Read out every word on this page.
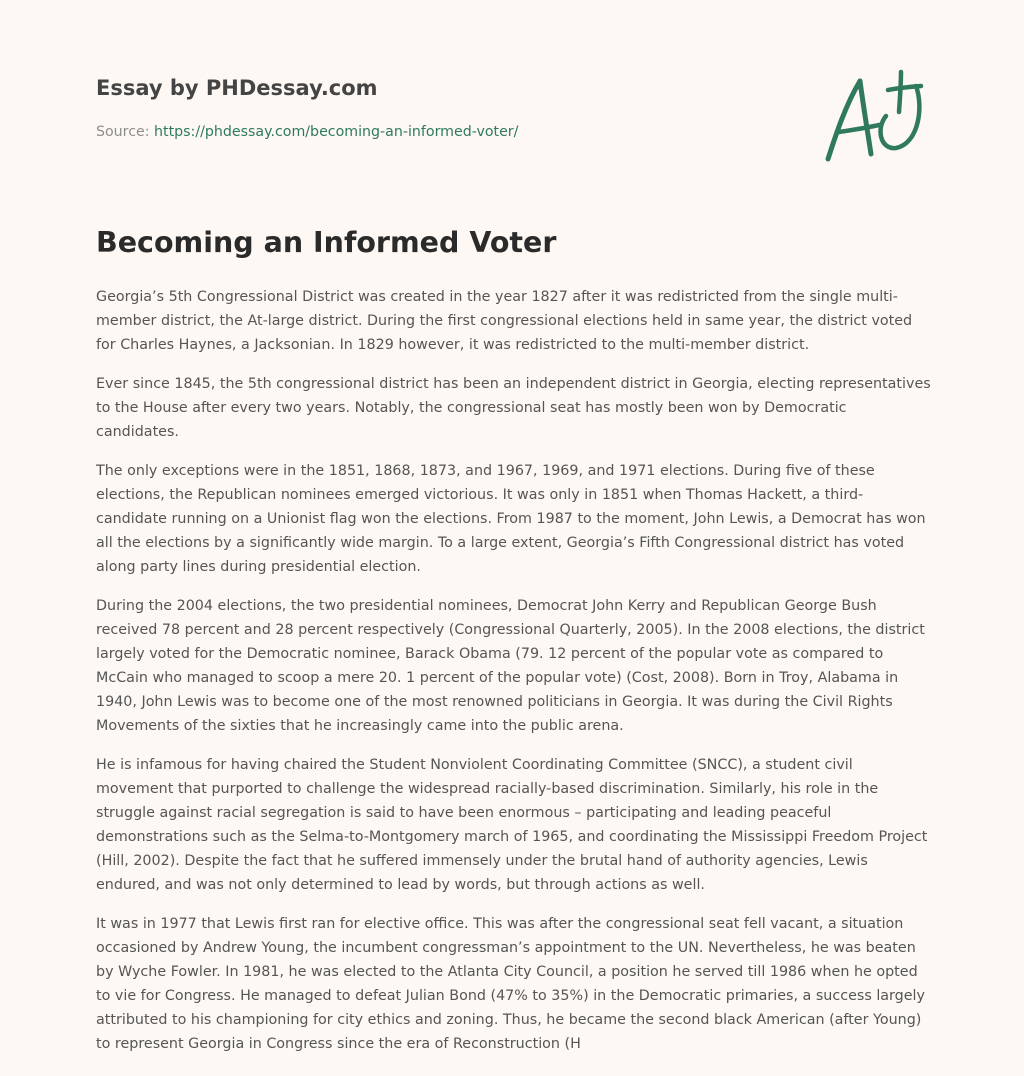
Essay by PHDessay.com

Source: https://phdessay.com/becoming-an-informed-voter/

Becoming an Informed Voter

Georgia’s 5th Congressional District was created in the year 1827 after it was redistricted from the single multi-member district, the At-large district. During the first congressional elections held in same year, the district voted for Charles Haynes, a Jacksonian. In 1829 however, it was redistricted to the multi-member district.

Ever since 1845, the 5th congressional district has been an independent district in Georgia, electing representatives to the House after every two years. Notably, the congressional seat has mostly been won by Democratic candidates.

The only exceptions were in the 1851, 1868, 1873, and 1967, 1969, and 1971 elections. During five of these elections, the Republican nominees emerged victorious. It was only in 1851 when Thomas Hackett, a third-candidate running on a Unionist flag won the elections. From 1987 to the moment, John Lewis, a Democrat has won all the elections by a significantly wide margin. To a large extent, Georgia’s Fifth Congressional district has voted along party lines during presidential election.

During the 2004 elections, the two presidential nominees, Democrat John Kerry and Republican George Bush received 78 percent and 28 percent respectively (Congressional Quarterly, 2005). In the 2008 elections, the district largely voted for the Democratic nominee, Barack Obama (79. 12 percent of the popular vote as compared to McCain who managed to scoop a mere 20. 1 percent of the popular vote) (Cost, 2008). Born in Troy, Alabama in 1940, John Lewis was to become one of the most renowned politicians in Georgia. It was during the Civil Rights Movements of the sixties that he increasingly came into the public arena.

He is infamous for having chaired the Student Nonviolent Coordinating Committee (SNCC), a student civil movement that purported to challenge the widespread racially-based discrimination. Similarly, his role in the struggle against racial segregation is said to have been enormous – participating and leading peaceful demonstrations such as the Selma-to-Montgomery march of 1965, and coordinating the Mississippi Freedom Project (Hill, 2002). Despite the fact that he suffered immensely under the brutal hand of authority agencies, Lewis endured, and was not only determined to lead by words, but through actions as well.

It was in 1977 that Lewis first ran for elective office. This was after the congressional seat fell vacant, a situation occasioned by Andrew Young, the incumbent congressman’s appointment to the UN. Nevertheless, he was beaten by Wyche Fowler. In 1981, he was elected to the Atlanta City Council, a position he served till 1986 when he opted to vie for Congress. He managed to defeat Julian Bond (47% to 35%) in the Democratic primaries, a success largely attributed to his championing for city ethics and zoning. Thus, he became the second black American (after Young) to represent Georgia in Congress since the era of Reconstruction (H
